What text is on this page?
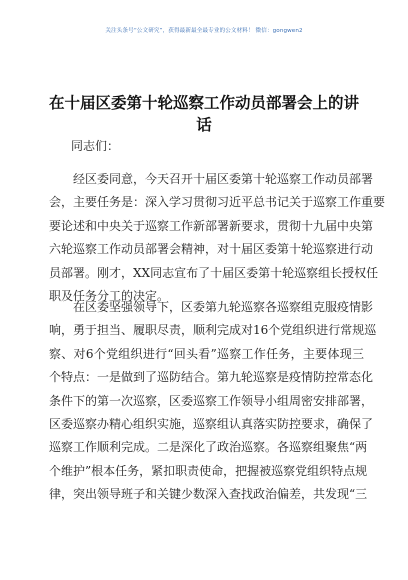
关注头条号“公文研究”，获得最新最全最专业的公文材料！ 微信：gongwen2
在十届区委第十轮巡察工作动员部署会上的讲
话

同志们：

经区委同意，今天召开十届区委第十轮巡察工作动员部署
会，主要任务是：深入学习贯彻习近平总书记关于巡察工作重要
要论述和中央关于巡察工作新部署新要求，贯彻十九届中央第
六轮巡察工作动员部署会精神，对十届区委第十轮巡察进行动
员部署。刚才，XX同志宣布了十届区委第十轮巡察组长授权任
职及任务分工的决定。
在区委坚强领导下，区委第九轮巡察各巡察组克服疫情影
响，勇于担当、履职尽责，顺利完成对16个党组织进行常规巡
察、对6个党组织进行“回头看”巡察工作任务，主要体现三
个特点：一是做到了巡防结合。第九轮巡察是疫情防控常态化
条件下的第一次巡察，区委巡察工作领导小组周密安排部署，
区委巡察办精心组织实施，巡察组认真落实防控要求，确保了
巡察工作顺利完成。二是深化了政治巡察。各巡察组聚焦“两
个维护”根本任务，紧扣职责使命，把握被巡察党组织特点规
律，突出领导班子和关键少数深入查找政治偏差，共发现“三
